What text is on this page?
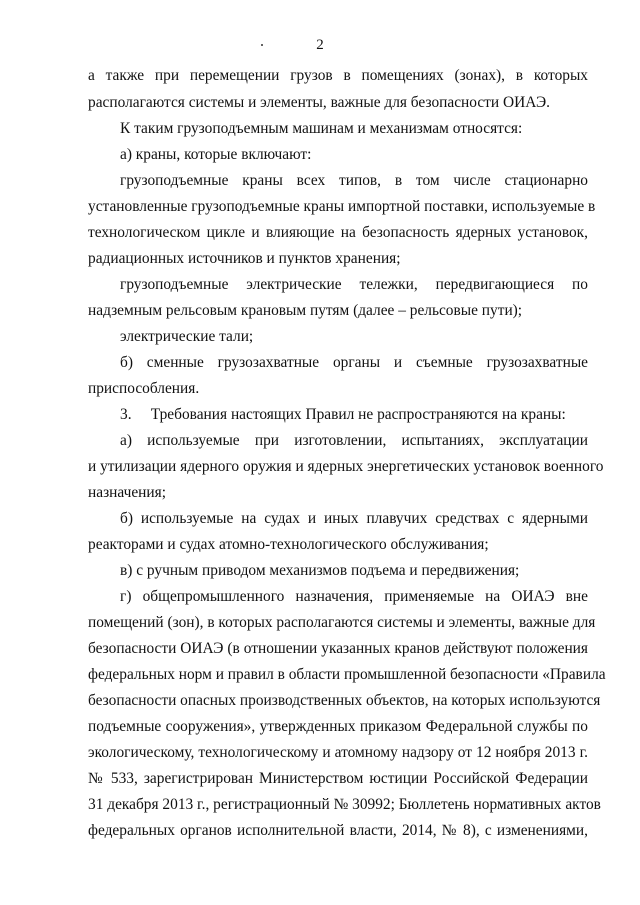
2
а также при перемещении грузов в помещениях (зонах), в которых
располагаются системы и элементы, важные для безопасности ОИАЭ.
К таким грузоподъемным машинам и механизмам относятся:
а) краны, которые включают:
грузоподъемные краны всех типов, в том числе стационарно
установленные грузоподъемные краны импортной поставки, используемые в
технологическом цикле и влияющие на безопасность ядерных установок,
радиационных источников и пунктов хранения;
грузоподъемные электрические тележки, передвигающиеся по
надземным рельсовым крановым путям (далее – рельсовые пути);
электрические тали;
б) сменные грузозахватные органы и съемные грузозахватные
приспособления.
3.     Требования настоящих Правил не распространяются на краны:
а) используемые при изготовлении, испытаниях, эксплуатации
и утилизации ядерного оружия и ядерных энергетических установок военного
назначения;
б) используемые на судах и иных плавучих средствах с ядерными
реакторами и судах атомно-технологического обслуживания;
в) с ручным приводом механизмов подъема и передвижения;
г) общепромышленного назначения, применяемые на ОИАЭ вне
помещений (зон), в которых располагаются системы и элементы, важные для
безопасности ОИАЭ (в отношении указанных кранов действуют положения
федеральных норм и правил в области промышленной безопасности «Правила
безопасности опасных производственных объектов, на которых используются
подъемные сооружения», утвержденных приказом Федеральной службы по
экологическому, технологическому и атомному надзору от 12 ноября 2013 г.
№ 533, зарегистрирован Министерством юстиции Российской Федерации
31 декабря 2013 г., регистрационный № 30992; Бюллетень нормативных актов
федеральных органов исполнительной власти, 2014, № 8), с изменениями,
